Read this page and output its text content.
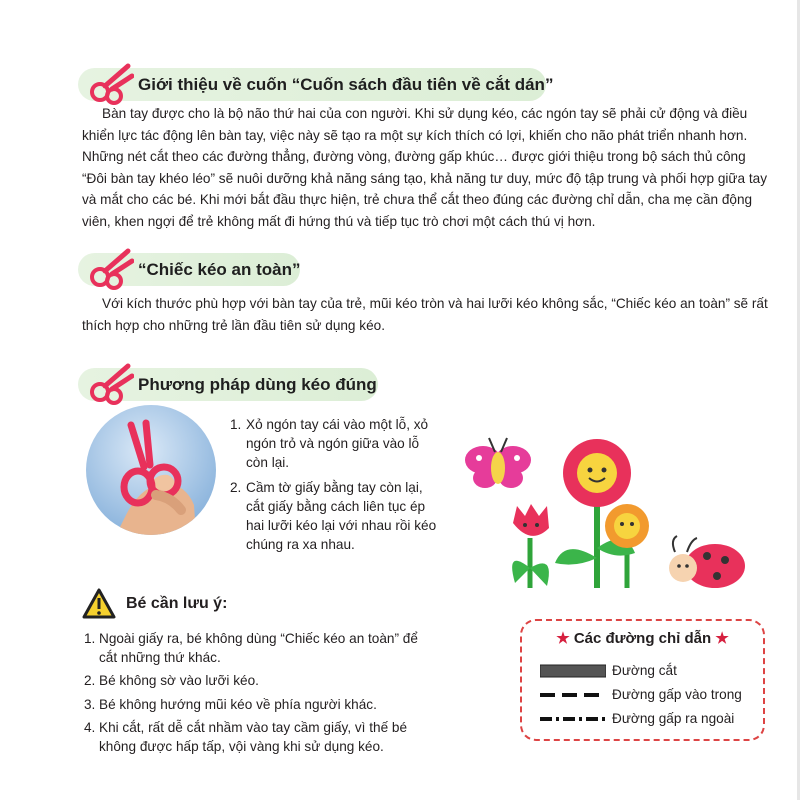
Giới thiệu về cuốn “Cuốn sách đầu tiên về cắt dán”

Bàn tay được cho là bộ não thứ hai của con người. Khi sử dụng kéo, các ngón tay sẽ phải cử động và điều khiển lực tác động lên bàn tay, việc này sẽ tạo ra một sự kích thích có lợi, khiến cho não phát triển nhanh hơn. Những nét cắt theo các đường thẳng, đường vòng, đường gấp khúc… được giới thiệu trong bộ sách thủ công “Đôi bàn tay khéo léo” sẽ nuôi dưỡng khả năng sáng tạo, khả năng tư duy, mức độ tập trung và phối hợp giữa tay và mắt cho các bé. Khi mới bắt đầu thực hiện, trẻ chưa thể cắt theo đúng các đường chỉ dẫn, cha mẹ cần động viên, khen ngợi để trẻ không mất đi hứng thú và tiếp tục trò chơi một cách thú vị hơn.

“Chiếc kéo an toàn”

Với kích thước phù hợp với bàn tay của trẻ, mũi kéo tròn và hai lưỡi kéo không sắc, “Chiếc kéo an toàn” sẽ rất thích hợp cho những trẻ lần đầu tiên sử dụng kéo.

Phương pháp dùng kéo đúng
1. Xỏ ngón tay cái vào một lỗ, xỏ ngón trỏ và ngón giữa vào lỗ còn lại.
2. Cầm tờ giấy bằng tay còn lại, cắt giấy bằng cách liên tục ép hai lưỡi kéo lại với nhau rồi kéo chúng ra xa nhau.
Bé cần lưu ý:
1. Ngoài giấy ra, bé không dùng “Chiếc kéo an toàn” để cắt những thứ khác.
2. Bé không sờ vào lưỡi kéo.
3. Bé không hướng mũi kéo về phía người khác.
4. Khi cắt, rất dễ cắt nhầm vào tay cầm giấy, vì thế bé không được hấp tấp, vội vàng khi sử dụng kéo.
★ Các đường chỉ dẫn ★
Đường cắt
Đường gấp vào trong
Đường gấp ra ngoài
